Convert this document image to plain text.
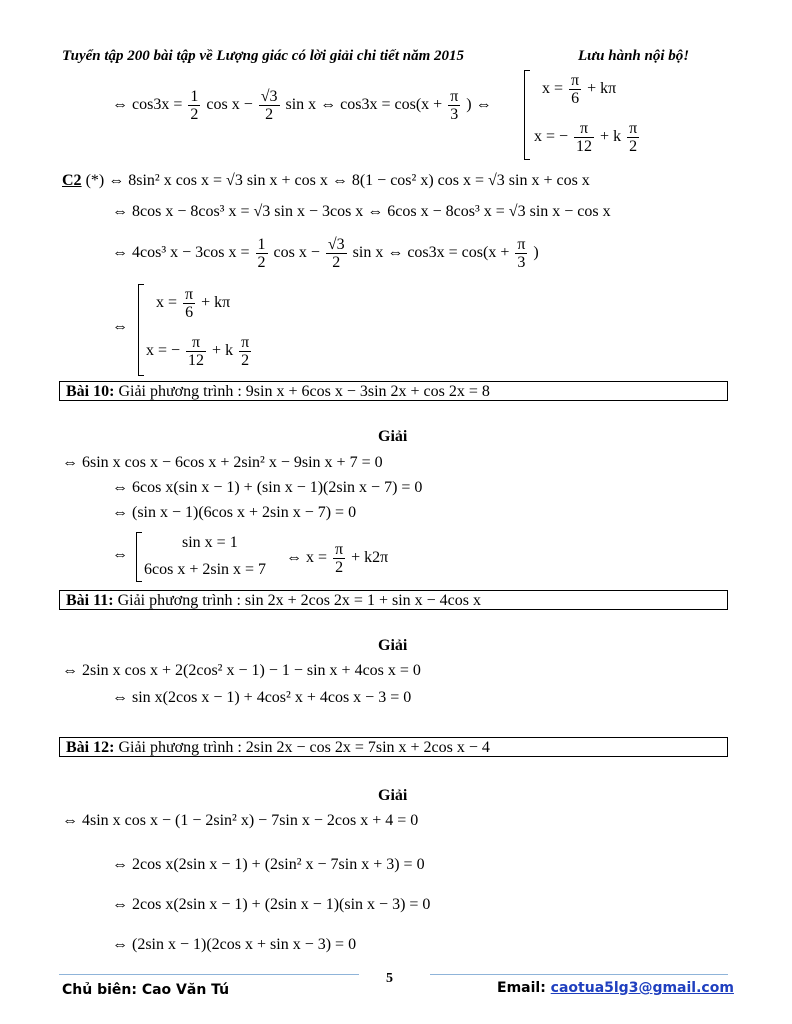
Tuyển tập 200 bài tập về Lượng giác có lời giải chi tiết năm 2015	Lưu hành nội bộ!
⇔ $\cos 3x = \frac{1}{2}$ $\cos x - \frac{√3}{2}$ sin x ⇔ $\cos 3x = \cos(x + \frac{\pi}{3}$ ) ⇔
$x = \frac{\pi}{6} + k\pi$
x = − $\frac{\pi}{12} + k \frac{\pi}{2}$
C2 (*) ⇔ 8sin² x cos x = √3 sin x + cos x ⇔ 8(1 − cos² x) cos x = √3 sin x + cos x
⇔ 8cos x − 8cos³ x = √3 sin x − 3cos x ⇔ 6cos x − 8cos³ x = √3 sin x − cos x
⇔ 4cos³ x − 3cos $x = \frac{1}{2}$ $\cos x - \frac{√3}{2}$ sin x ⇔ $\cos 3x = \cos(x + \frac{\pi}{3}$ )
⇔
$x = \frac{\pi}{6} + k\pi$
x = − $\frac{\pi}{12} + k \frac{\pi}{2}$
Bài 10: Giải phương trình : 9sin x + 6cos x − 3sin 2x + cos 2x = 8
Giải
⇔ 6sin x cos x − 6cos x + 2sin² x − 9sin x + 7 = 0
⇔ 6cos x(sin x − 1) + (sin x − 1)(2sin x − 7) = 0
⇔ (sin x − 1)(6cos x + 2sin x − 7) = 0
⇔
sin x = 1
6cos x + 2sin x = 7
⇔ $x = \frac{\pi}{2} + k2\pi$
Bài 11: Giải phương trình : sin 2x + 2cos 2x = 1 + sin x − 4cos x
Giải
⇔ 2sin x cos x + 2(2cos² x − 1) − 1 − sin x + 4cos x = 0
⇔ sin x(2cos x − 1) + 4cos² x + 4cos x − 3 = 0
Bài 12: Giải phương trình : 2sin 2x − cos 2x = 7sin x + 2cos x − 4
Giải
⇔ 4sin x cos x − (1 − 2sin² x) − 7sin x − 2cos x + 4 = 0
⇔ 2cos x(2sin x − 1) + (2sin² x − 7sin x + 3) = 0
⇔ 2cos x(2sin x − 1) + (2sin x − 1)(sin x − 3) = 0
⇔ (2sin x − 1)(2cos x + sin x − 3) = 0
5
Chủ biên: Cao Văn Tú	Email: caotua5lg3@gmail.com
